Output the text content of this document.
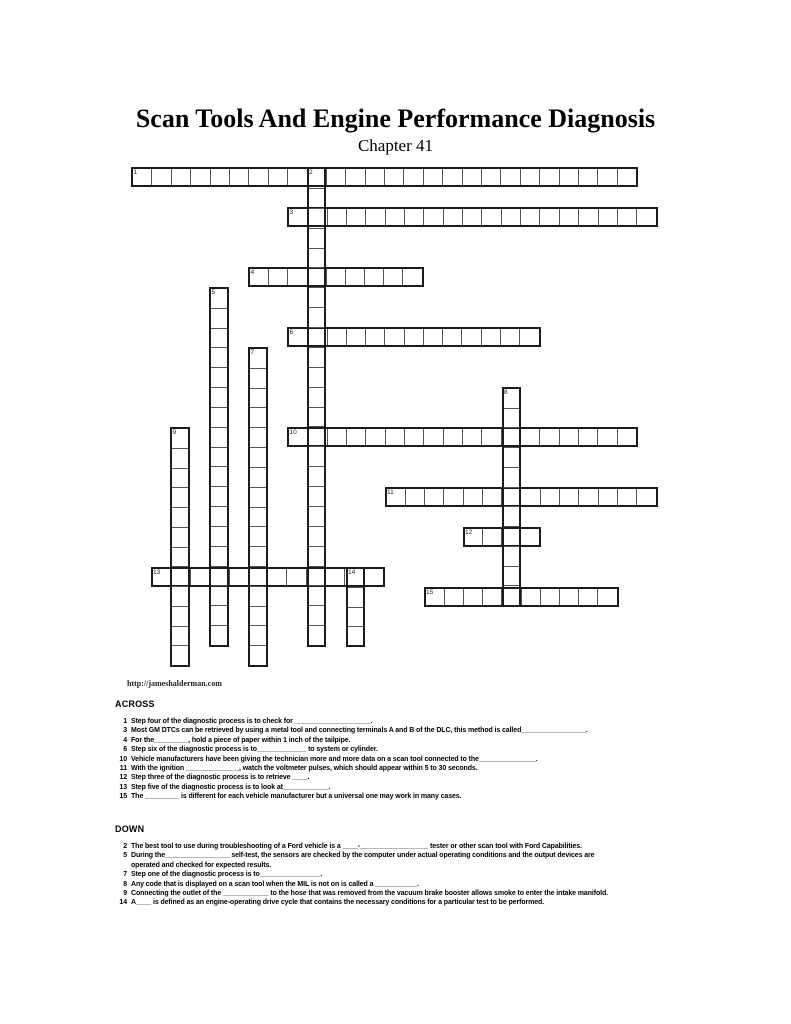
Scan Tools And Engine Performance Diagnosis
Chapter 41
1	2
3
4
5
6
7
8
9	10
11
12
13	14
15
http://jameshalderman.com
ACROSS
1 Step four of the diagnostic process is to check for ____________________.
3 Most GM DTCs can be retrieved by using a metal tool and connecting terminals A and B of the DLC, this method is called_________________.
4 For the_________, hold a piece of paper within 1 inch of the tailpipe.
6 Step six of the diagnostic process is to_____________ to system or cylinder.
10 Vehicle manufacturers have been giving the technician more and more data on a scan tool connected to the_______________.
11 With the ignition ______________, watch the voltmeter pulses, which should appear within 5 to 30 seconds.
12 Step three of the diagnostic process is to retrieve ____.
13 Step five of the diagnostic process is to look at____________.
15 The _________ is different for each vehicle manufacturer but a universal one may work in many cases.
DOWN
2 The best tool to use during troubleshooting of a Ford vehicle is a ____-__________________ tester or other scan tool with Ford Capabilities.
5 During the_________________ self-test, the sensors are checked by the computer under actual operating conditions and the output devices are
operated and checked for expected results.
7 Step one of the diagnostic process is to________________.
8 Any code that is displayed on a scan tool when the MIL is not on is called a ___________.
9 Connecting the outlet of the ____________ to the hose that was removed from the vacuum brake booster allows smoke to enter the intake manifold.
14 A____ is defined as an engine-operating drive cycle that contains the necessary conditions for a particular test to be performed.
